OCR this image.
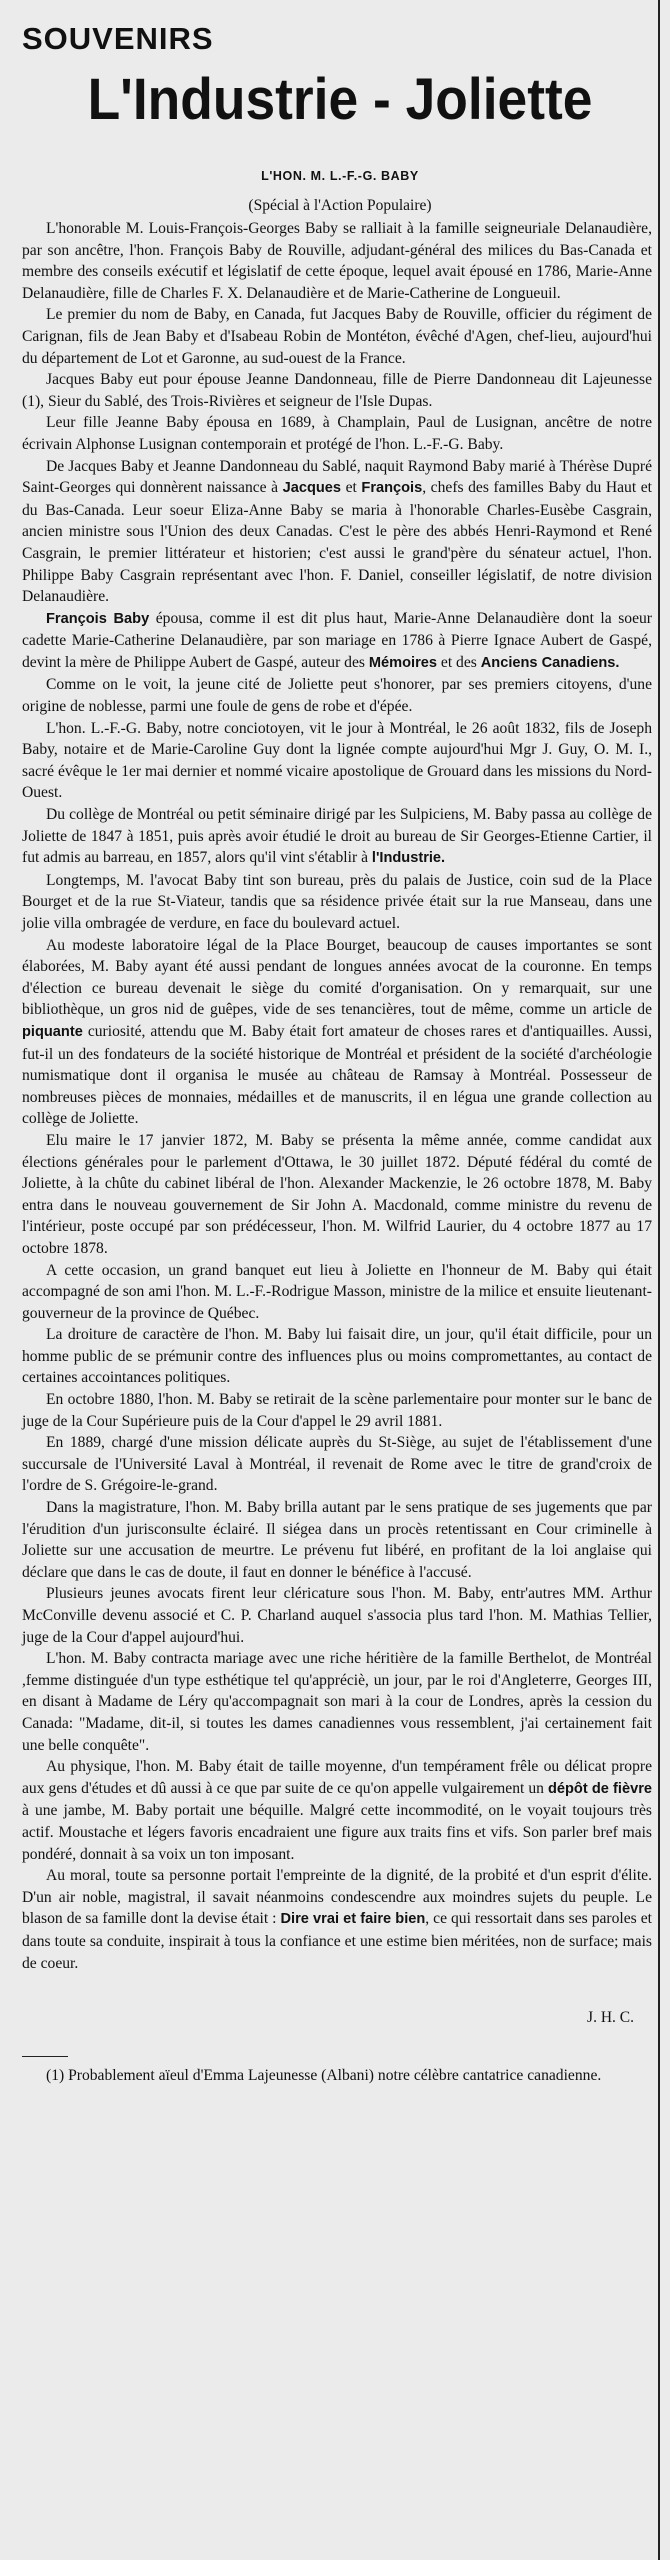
SOUVENIRS
L'Industrie - Joliette
L'HON. M. L.-F.-G. BABY
(Spécial à l'Action Populaire)

L'honorable M. Louis-François-Georges Baby se ralliait à la famille seigneuriale Delanaudière, par son ancêtre, l'hon. François Baby de Rouville, adjudant-général des milices du Bas-Canada et membre des conseils exécutif et législatif de cette époque, lequel avait épousé en 1786, Marie-Anne Delanaudière, fille de Charles F. X. Delanaudière et de Marie-Catherine de Longueuil.

Le premier du nom de Baby, en Canada, fut Jacques Baby de Rouville, officier du régiment de Carignan, fils de Jean Baby et d'Isabeau Robin de Montéton, évêché d'Agen, chef-lieu, aujourd'hui du département de Lot et Garonne, au sud-ouest de la France.

Jacques Baby eut pour épouse Jeanne Dandonneau, fille de Pierre Dandonneau dit Lajeunesse (1), Sieur du Sablé, des Trois-Rivières et seigneur de l'Isle Dupas.

Leur fille Jeanne Baby épousa en 1689, à Champlain, Paul de Lusignan, ancêtre de notre écrivain Alphonse Lusignan contemporain et protégé de l'hon. L.-F.-G. Baby.

De Jacques Baby et Jeanne Dandonneau du Sablé, naquit Raymond Baby marié à Thérèse Dupré Saint-Georges qui donnèrent naissance à Jacques et François, chefs des familles Baby du Haut et du Bas-Canada. Leur soeur Eliza-Anne Baby se maria à l'honorable Charles-Eusèbe Casgrain, ancien ministre sous l'Union des deux Canadas. C'est le père des abbés Henri-Raymond et René Casgrain, le premier littérateur et historien; c'est aussi le grand'père du sénateur actuel, l'hon. Philippe Baby Casgrain représentant avec l'hon. F. Daniel, conseiller législatif, de notre division Delanaudière.

François Baby épousa, comme il est dit plus haut, Marie-Anne Delanaudière dont la soeur cadette Marie-Catherine Delanaudière, par son mariage en 1786 à Pierre Ignace Aubert de Gaspé, devint la mère de Philippe Aubert de Gaspé, auteur des Mémoires et des Anciens Canadiens.

Comme on le voit, la jeune cité de Joliette peut s'honorer, par ses premiers citoyens, d'une origine de noblesse, parmi une foule de gens de robe et d'épée.

L'hon. L.-F.-G. Baby, notre conciotoyen, vit le jour à Montréal, le 26 août 1832, fils de Joseph Baby, notaire et de Marie-Caroline Guy dont la lignée compte aujourd'hui Mgr J. Guy, O. M. I., sacré évêque le 1er mai dernier et nommé vicaire apostolique de Grouard dans les missions du Nord-Ouest.

Du collège de Montréal ou petit séminaire dirigé par les Sulpiciens, M. Baby passa au collège de Joliette de 1847 à 1851, puis après avoir étudié le droit au bureau de Sir Georges-Etienne Cartier, il fut admis au barreau, en 1857, alors qu'il vint s'établir à l'Industrie.

Longtemps, M. l'avocat Baby tint son bureau, près du palais de Justice, coin sud de la Place Bourget et de la rue St-Viateur, tandis que sa résidence privée était sur la rue Manseau, dans une jolie villa ombragée de verdure, en face du boulevard actuel.

Au modeste laboratoire légal de la Place Bourget, beaucoup de causes importantes se sont élaborées, M. Baby ayant été aussi pendant de longues années avocat de la couronne. En temps d'élection ce bureau devenait le siège du comité d'organisation. On y remarquait, sur une bibliothèque, un gros nid de guêpes, vide de ses tenancières, tout de même, comme un article de piquante curiosité, attendu que M. Baby était fort amateur de choses rares et d'antiquailles. Aussi, fut-il un des fondateurs de la société historique de Montréal et président de la société d'archéologie numismatique dont il organisa le musée au château de Ramsay à Montréal. Possesseur de nombreuses pièces de monnaies, médailles et de manuscrits, il en légua une grande collection au collège de Joliette.

Elu maire le 17 janvier 1872, M. Baby se présenta la même année, comme candidat aux élections générales pour le parlement d'Ottawa, le 30 juillet 1872. Député fédéral du comté de Joliette, à la chûte du cabinet libéral de l'hon. Alexander Mackenzie, le 26 octobre 1878, M. Baby entra dans le nouveau gouvernement de Sir John A. Macdonald, comme ministre du revenu de l'intérieur, poste occupé par son prédécesseur, l'hon. M. Wilfrid Laurier, du 4 octobre 1877 au 17 octobre 1878.

A cette occasion, un grand banquet eut lieu à Joliette en l'honneur de M. Baby qui était accompagné de son ami l'hon. M. L.-F.-Rodrigue Masson, ministre de la milice et ensuite lieutenant-gouverneur de la province de Québec.

La droiture de caractère de l'hon. M. Baby lui faisait dire, un jour, qu'il était difficile, pour un homme public de se prémunir contre des influences plus ou moins compromettantes, au contact de certaines accointances politiques.

En octobre 1880, l'hon. M. Baby se retirait de la scène parlementaire pour monter sur le banc de juge de la Cour Supérieure puis de la Cour d'appel le 29 avril 1881.

En 1889, chargé d'une mission délicate auprès du St-Siège, au sujet de l'établissement d'une succursale de l'Université Laval à Montréal, il revenait de Rome avec le titre de grand'croix de l'ordre de S. Grégoire-le-grand.

Dans la magistrature, l'hon. M. Baby brilla autant par le sens pratique de ses jugements que par l'érudition d'un jurisconsulte éclairé. Il siégea dans un procès retentissant en Cour criminelle à Joliette sur une accusation de meurtre. Le prévenu fut libéré, en profitant de la loi anglaise qui déclare que dans le cas de doute, il faut en donner le bénéfice à l'accusé.

Plusieurs jeunes avocats firent leur cléricature sous l'hon. M. Baby, entr'autres MM. Arthur McConville devenu associé et C. P. Charland auquel s'associa plus tard l'hon. M. Mathias Tellier, juge de la Cour d'appel aujourd'hui.

L'hon. M. Baby contracta mariage avec une riche héritière de la famille Berthelot, de Montréal ,femme distinguée d'un type esthétique tel qu'appréciè, un jour, par le roi d'Angleterre, Georges III, en disant à Madame de Léry qu'accompagnait son mari à la cour de Londres, après la cession du Canada: "Madame, dit-il, si toutes les dames canadiennes vous ressemblent, j'ai certainement fait une belle conquête".

Au physique, l'hon. M. Baby était de taille moyenne, d'un tempérament frêle ou délicat propre aux gens d'études et dû aussi à ce que par suite de ce qu'on appelle vulgairement un dépôt de fièvre à une jambe, M. Baby portait une béquille. Malgré cette incommodité, on le voyait toujours très actif. Moustache et légers favoris encadraient une figure aux traits fins et vifs. Son parler bref mais pondéré, donnait à sa voix un ton imposant.

Au moral, toute sa personne portait l'empreinte de la dignité, de la probité et d'un esprit d'élite. D'un air noble, magistral, il savait néanmoins condescendre aux moindres sujets du peuple. Le blason de sa famille dont la devise était : Dire vrai et faire bien, ce qui ressortait dans ses paroles et dans toute sa conduite, inspirait à tous la confiance et une estime bien méritées, non de surface; mais de coeur.

J. H. C.

(1) Probablement aïeul d'Emma Lajeunesse (Albani) notre célèbre cantatrice canadienne.
